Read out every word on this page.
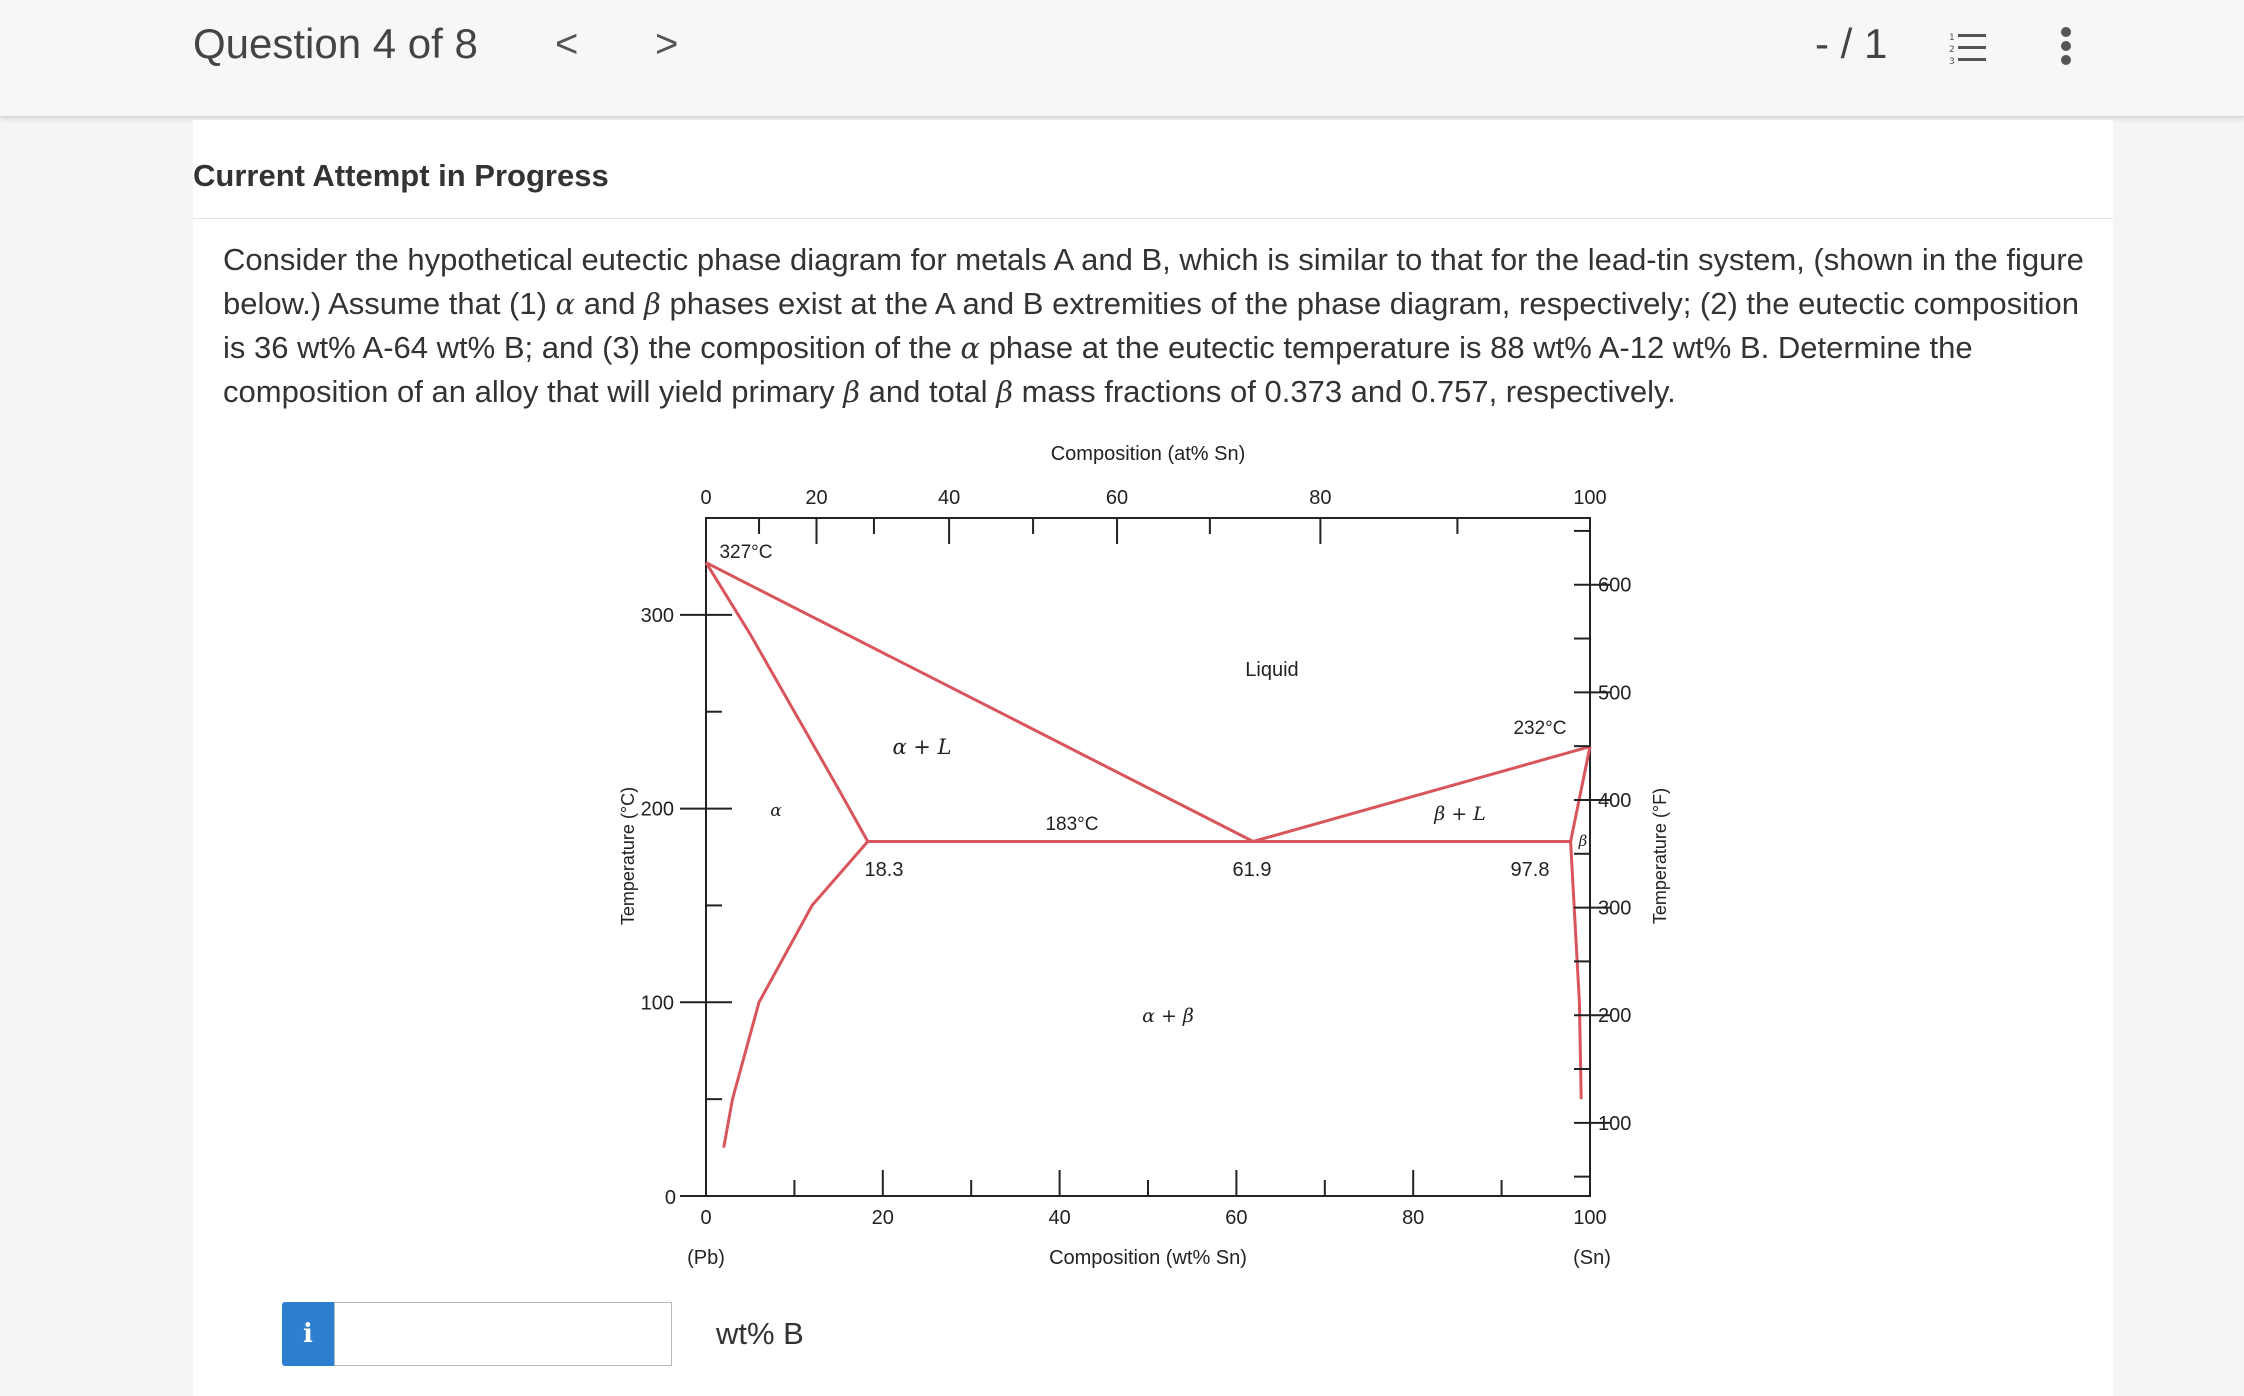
Question 4 of 8 < >	- / 1	1
2
3
Current Attempt in Progress
Consider the hypothetical eutectic phase diagram for metals A and B, which is similar to that for the lead-tin system, (shown in the figure below.) Assume that (1) α and β phases exist at the A and B extremities of the phase diagram, respectively; (2) the eutectic composition is 36 wt% A-64 wt% B; and (3) the composition of the α phase at the eutectic temperature is 88 wt% A-12 wt% B. Determine the composition of an alloy that will yield primary β and total β mass fractions of 0.373 and 0.757, respectively.
0	20	40	60	80	100
0	20	40	60	80	100
100
200
300
0
100
200
300
400
500
600
Composition (at% Sn)
Composition (wt% Sn)
(Pb)	(Sn)
Temperature (°C)	Temperature (°F)
327°C
232°C
183°C
18.3	61.9	97.8
Liquid
α + L
β + L
α + β
α
β
i	wt% B
